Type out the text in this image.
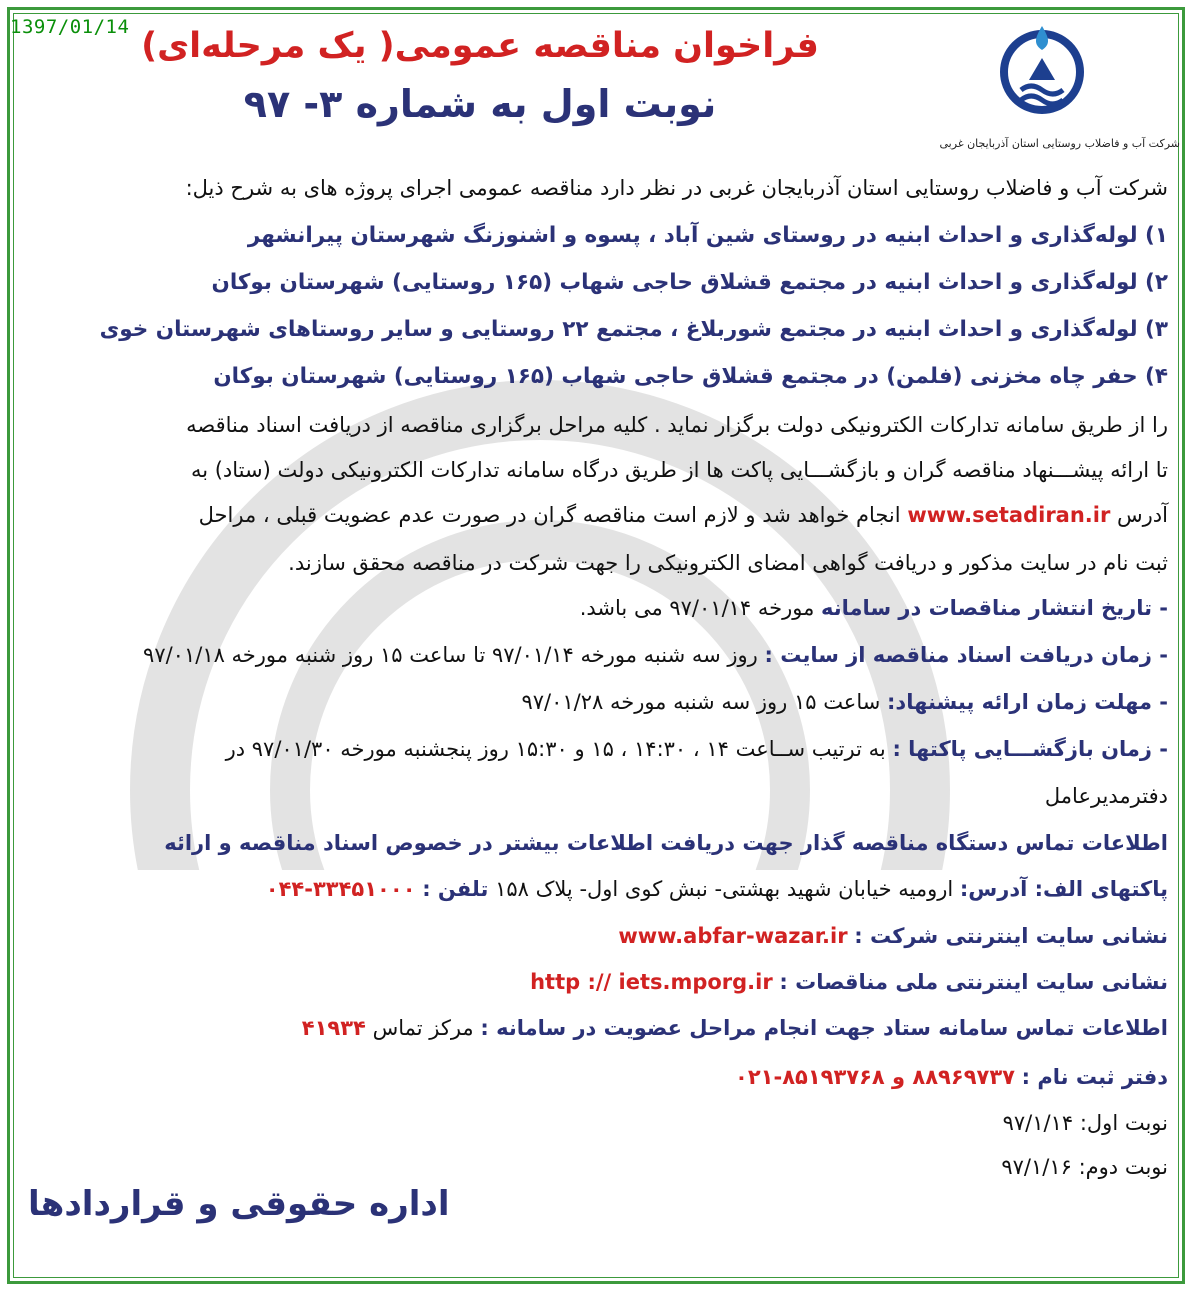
1397/01/14
شرکت آب و فاضلاب روستایی استان آذربایجان غربی
فراخوان مناقصه عمومی( یک مرحله‌ای)
نوبت اول به شماره ۳- ۹۷
شرکت آب و فاضلاب روستایی استان آذربایجان غربی در نظر دارد مناقصه عمومی اجرای پروژه های به شرح ذیل:
۱) لوله‌گذاری و احداث ابنیه در روستای شین آباد ، پسوه و اشنوزنگ شهرستان پیرانشهر
۲) لوله‌گذاری و احداث ابنیه در مجتمع قشلاق حاجی شهاب (۱۶۵ روستایی) شهرستان بوکان
۳) لوله‌گذاری و احداث ابنیه در مجتمع شوربلاغ ، مجتمع ۲۲ روستایی و سایر روستاهای شهرستان خوی
۴) حفر چاه مخزنی (فلمن) در مجتمع قشلاق حاجی شهاب (۱۶۵ روستایی) شهرستان بوکان
را از طریق سامانه تدارکات الکترونیکی دولت برگزار نماید . کلیه مراحل برگزاری مناقصه از دریافت اسناد مناقصه
تا ارائه پیشـــنهاد مناقصه گران و بازگشـــایی پاکت ها از طریق درگاه سامانه تدارکات الکترونیکی دولت (ستاد) به
آدرس www.setadiran.ir انجام خواهد شد و لازم است مناقصه گران در صورت عدم عضویت قبلی ، مراحل
ثبت نام در سایت مذکور و دریافت گواهی امضای الکترونیکی را جهت شرکت در مناقصه محقق سازند.
- تاریخ انتشار مناقصات در سامانه مورخه ۹۷/۰۱/۱۴ می باشد.
- زمان دریافت اسناد مناقصه از سایت : روز سه شنبه مورخه ۹۷/۰۱/۱۴ تا ساعت ۱۵ روز شنبه مورخه ۹۷/۰۱/۱۸
- مهلت زمان ارائه پیشنهاد: ساعت ۱۵ روز سه شنبه مورخه ۹۷/۰۱/۲۸
- زمان بازگشـــایی پاکتها : به ترتیب ســاعت ۱۴ ، ۱۴:۳۰ ، ۱۵ و ۱۵:۳۰ روز پنجشنبه مورخه ۹۷/۰۱/۳۰ در
دفترمدیرعامل
اطلاعات تماس دستگاه مناقصه گذار جهت دریافت اطلاعات بیشتر در خصوص اسناد مناقصه و ارائه
پاکتهای الف: آدرس: ارومیه خیابان شهید بهشتی- نبش کوی اول- پلاک ۱۵۸ تلفن : ۳۳۴۵۱۰۰۰-۰۴۴
نشانی سایت اینترنتی شرکت : www.abfar-wazar.ir
نشانی سایت اینترنتی ملی مناقصات : http :// iets.mporg.ir
اطلاعات تماس سامانه ستاد جهت انجام مراحل عضویت در سامانه : مرکز تماس ۴۱۹۳۴
دفتر ثبت نام : ۸۸۹۶۹۷۳۷ و ۸۵۱۹۳۷۶۸-۰۲۱
نوبت اول: ۹۷/۱/۱۴
نوبت دوم: ۹۷/۱/۱۶
اداره حقوقی و قراردادها
